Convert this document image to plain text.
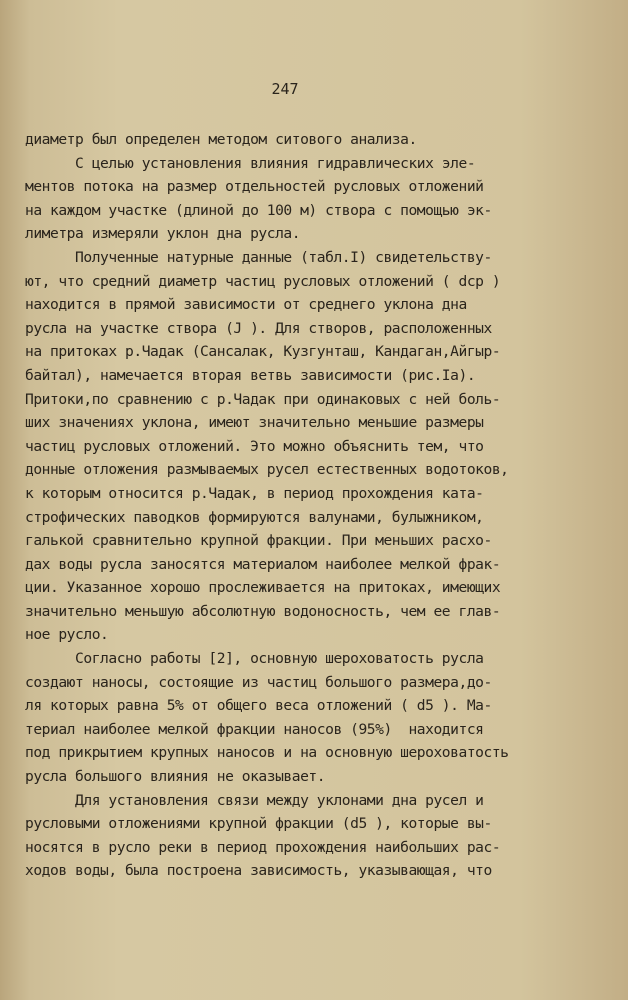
247
диаметр был определен методом ситового анализа.
С целью установления влияния гидравлических эле-
ментов потока на размер отдельностей русловых отложений
на каждом участке (длиной до 100 м) створа с помощью эк-
лиметра измеряли уклон дна русла.
Полученные натурные данные (табл.I) свидетельству-
ют, что средний диаметр частиц русловых отложений ( dср )
находится в прямой зависимости от среднего уклона дна
русла на участке створа (J ). Для створов, расположенных
на притоках р.Чадак (Сансалак, Кузгунташ, Кандаган,Айгыр-
байтал), намечается вторая ветвь зависимости (рис.Iа).
Притоки,по сравнению с р.Чадак при одинаковых с ней боль-
ших значениях уклона, имеют значительно меньшие размеры
частиц русловых отложений. Это можно объяснить тем, что
донные отложения размываемых русел естественных водотоков,
к которым относится р.Чадак, в период прохождения ката-
строфических паводков формируются валунами, булыжником,
галькой сравнительно крупной фракции. При меньших расхо-
дах воды русла заносятся материалом наиболее мелкой фрак-
ции. Указанное хорошо прослеживается на притоках, имеющих
значительно меньшую абсолютную водоносность, чем ее глав-
ное русло.
Согласно работы [2], основную шероховатость русла
создают наносы, состоящие из частиц большого размера,до-
ля которых равна 5% от общего веса отложений ( d5 ). Ма-
териал наиболее мелкой фракции наносов (95%)  находится
под прикрытием крупных наносов и на основную шероховатость
русла большого влияния не оказывает.
Для установления связи между уклонами дна русел и
русловыми отложениями крупной фракции (d5 ), которые вы-
носятся в русло реки в период прохождения наибольших рас-
ходов воды, была построена зависимость, указывающая, что
